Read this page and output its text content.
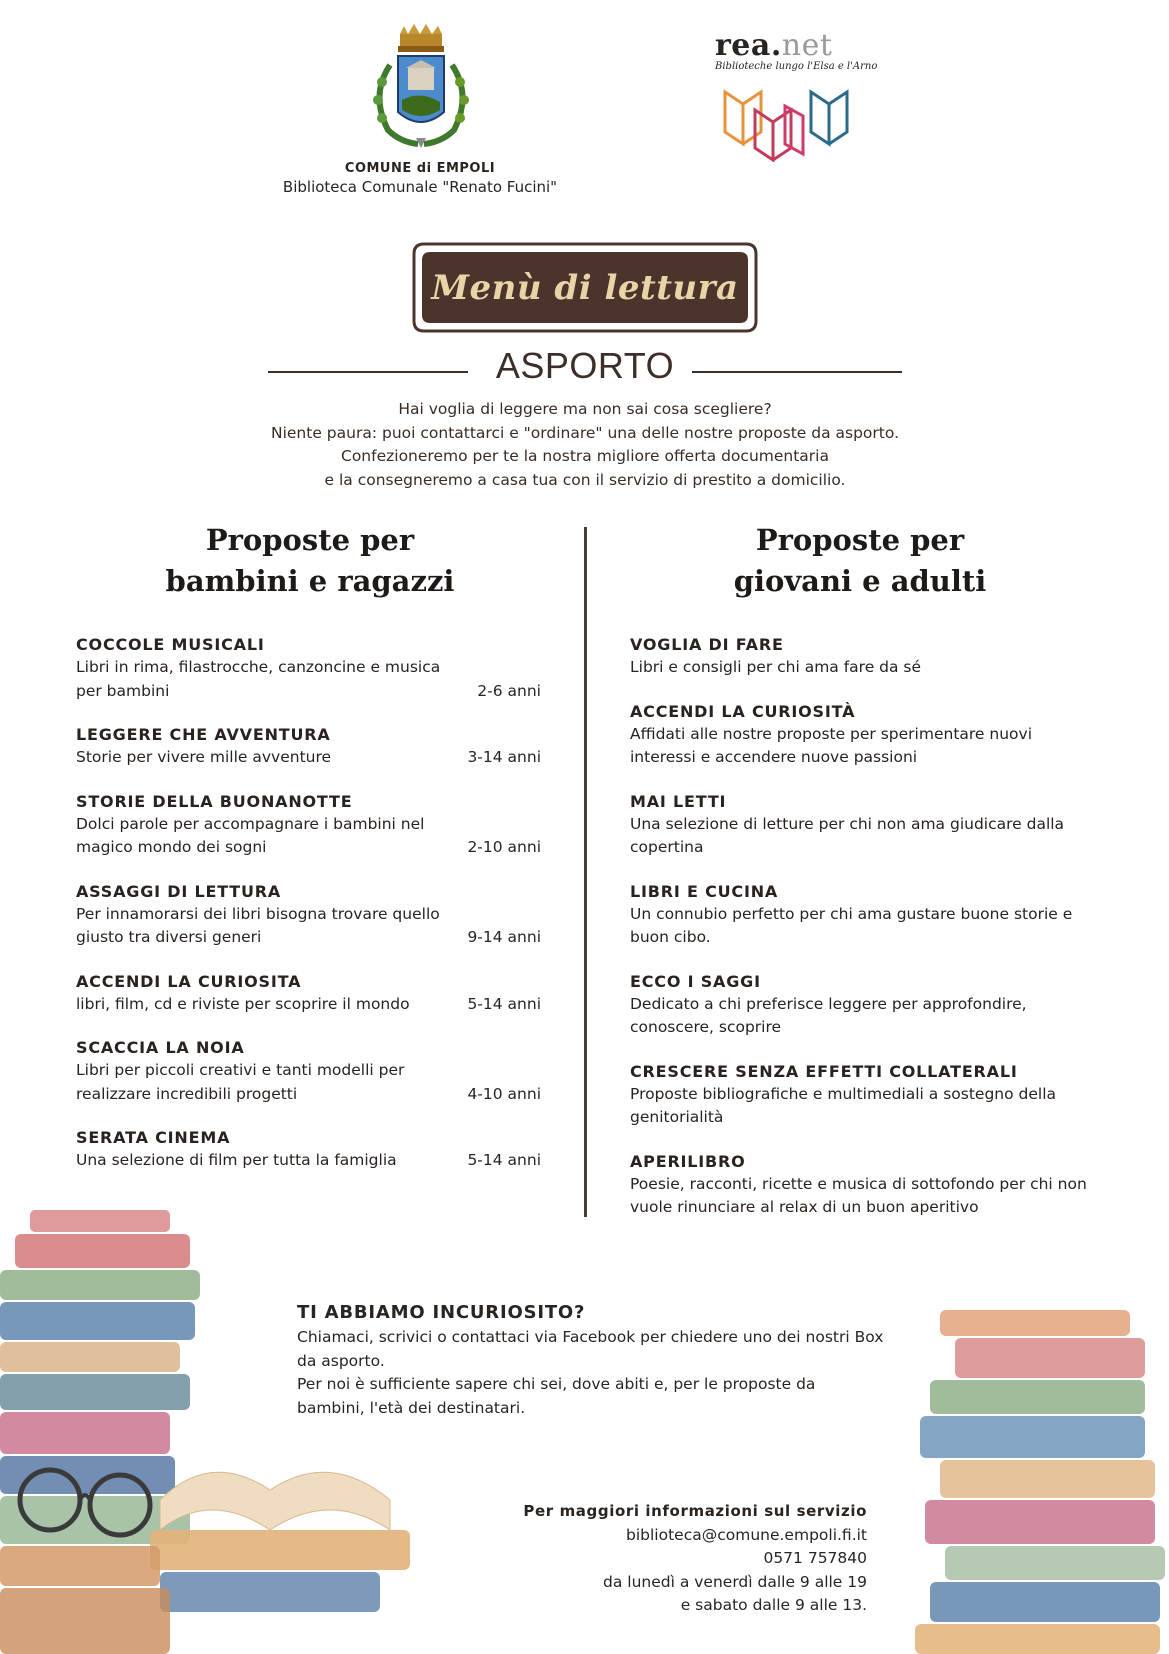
COMUNE di EMPOLI
Biblioteca Comunale "Renato Fucini"
rea.net
Biblioteche lungo l'Elsa e l'Arno
Menù di lettura
ASPORTO
Hai voglia di leggere ma non sai cosa scegliere?
Niente paura: puoi contattarci e "ordinare" una delle nostre proposte da asporto.
Confezioneremo per te la nostra migliore offerta documentaria
e la consegneremo a casa tua con il servizio di prestito a domicilio.
Proposte per
bambini e ragazzi
Proposte per
giovani e adulti
COCCOLE MUSICALI
Libri in rima, filastrocche, canzoncine e musica per bambini	2-6 anni
LEGGERE CHE AVVENTURA
Storie per vivere mille avventure	3-14 anni
STORIE DELLA BUONANOTTE
Dolci parole per accompagnare i bambini nel magico mondo dei sogni	2-10 anni
ASSAGGI DI LETTURA
Per innamorarsi dei libri bisogna trovare quello giusto tra diversi generi	9-14 anni
ACCENDI LA CURIOSITA
libri, film, cd e riviste per scoprire il mondo	5-14 anni
SCACCIA LA NOIA
Libri per piccoli creativi e tanti modelli per realizzare incredibili progetti	4-10 anni
SERATA CINEMA
Una selezione di film per tutta la famiglia	5-14 anni
VOGLIA DI FARE
Libri e consigli per chi ama fare da sé
ACCENDI LA CURIOSITÀ
Affidati alle nostre proposte per sperimentare nuovi interessi e accendere nuove passioni
MAI LETTI
Una selezione di letture per chi non ama giudicare dalla copertina
LIBRI E CUCINA
Un connubio perfetto per chi ama gustare buone storie e buon cibo.
ECCO I SAGGI
Dedicato a chi preferisce leggere per approfondire, conoscere, scoprire
CRESCERE SENZA EFFETTI COLLATERALI
Proposte bibliografiche e multimediali a sostegno della genitorialità
APERILIBRO
Poesie, racconti, ricette e musica di sottofondo per chi non vuole rinunciare al relax di un buon aperitivo
TI ABBIAMO INCURIOSITO?
Chiamaci, scrivici o contattaci via Facebook per chiedere uno dei nostri Box da asporto.
Per noi è sufficiente sapere chi sei, dove abiti e, per le proposte da bambini, l'età dei destinatari.
Per maggiori informazioni sul servizio
biblioteca@comune.empoli.fi.it
0571 757840
da lunedì a venerdì dalle 9 alle 19
e sabato dalle 9 alle 13.
